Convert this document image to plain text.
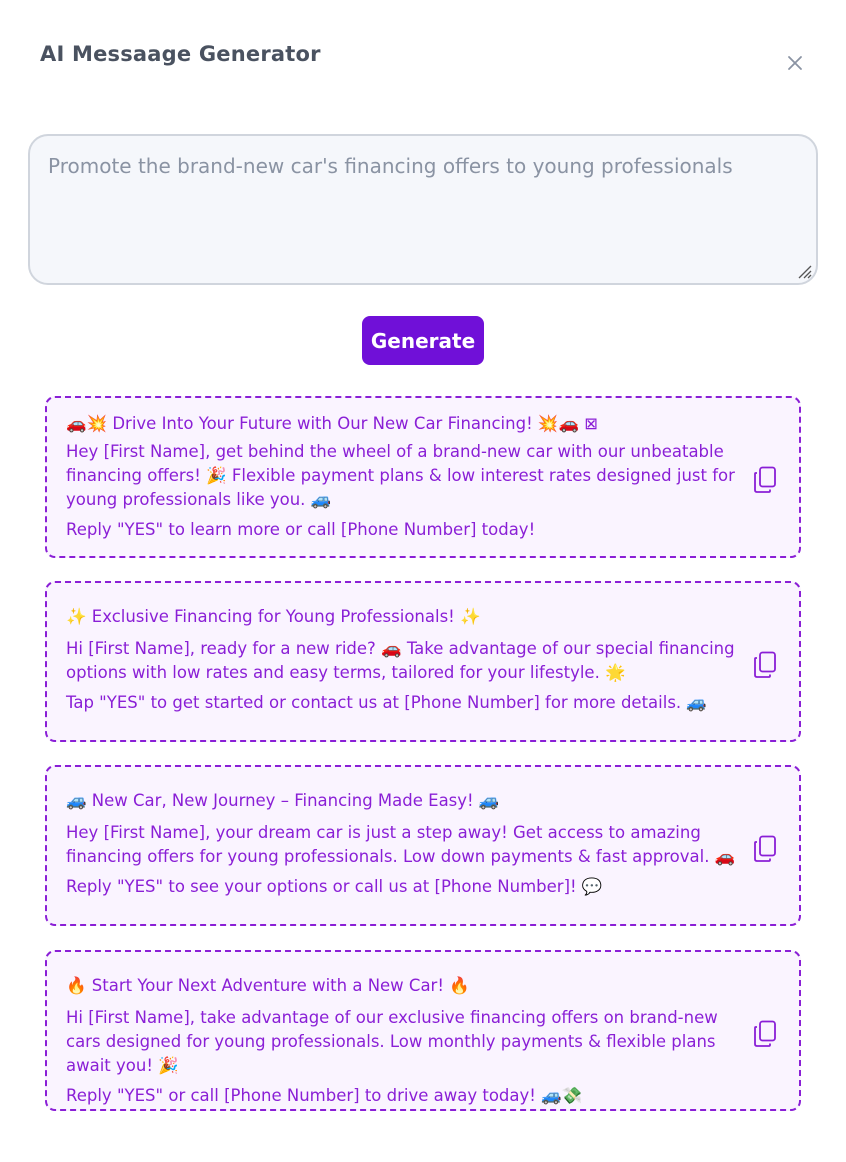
AI Messaage Generator
Promote the brand-new car's financing offers to young professionals
Generate

🚗💥 Drive Into Your Future with Our New Car Financing! 💥🚗 ⊠

Hey [First Name], get behind the wheel of a brand-new car with our unbeatable financing offers! 🎉 Flexible payment plans & low interest rates designed just for young professionals like you. 🚙

Reply "YES" to learn more or call [Phone Number] today!

✨ Exclusive Financing for Young Professionals! ✨

Hi [First Name], ready for a new ride? 🚗 Take advantage of our special financing options with low rates and easy terms, tailored for your lifestyle. 🌟

Tap "YES" to get started or contact us at [Phone Number] for more details. 🚙

🚙 New Car, New Journey – Financing Made Easy! 🚙

Hey [First Name], your dream car is just a step away! Get access to amazing financing offers for young professionals. Low down payments & fast approval. 🚗

Reply "YES" to see your options or call us at [Phone Number]! 💬

🔥 Start Your Next Adventure with a New Car! 🔥

Hi [First Name], take advantage of our exclusive financing offers on brand-new cars designed for young professionals. Low monthly payments & flexible plans await you! 🎉

Reply "YES" or call [Phone Number] to drive away today! 🚙💸
